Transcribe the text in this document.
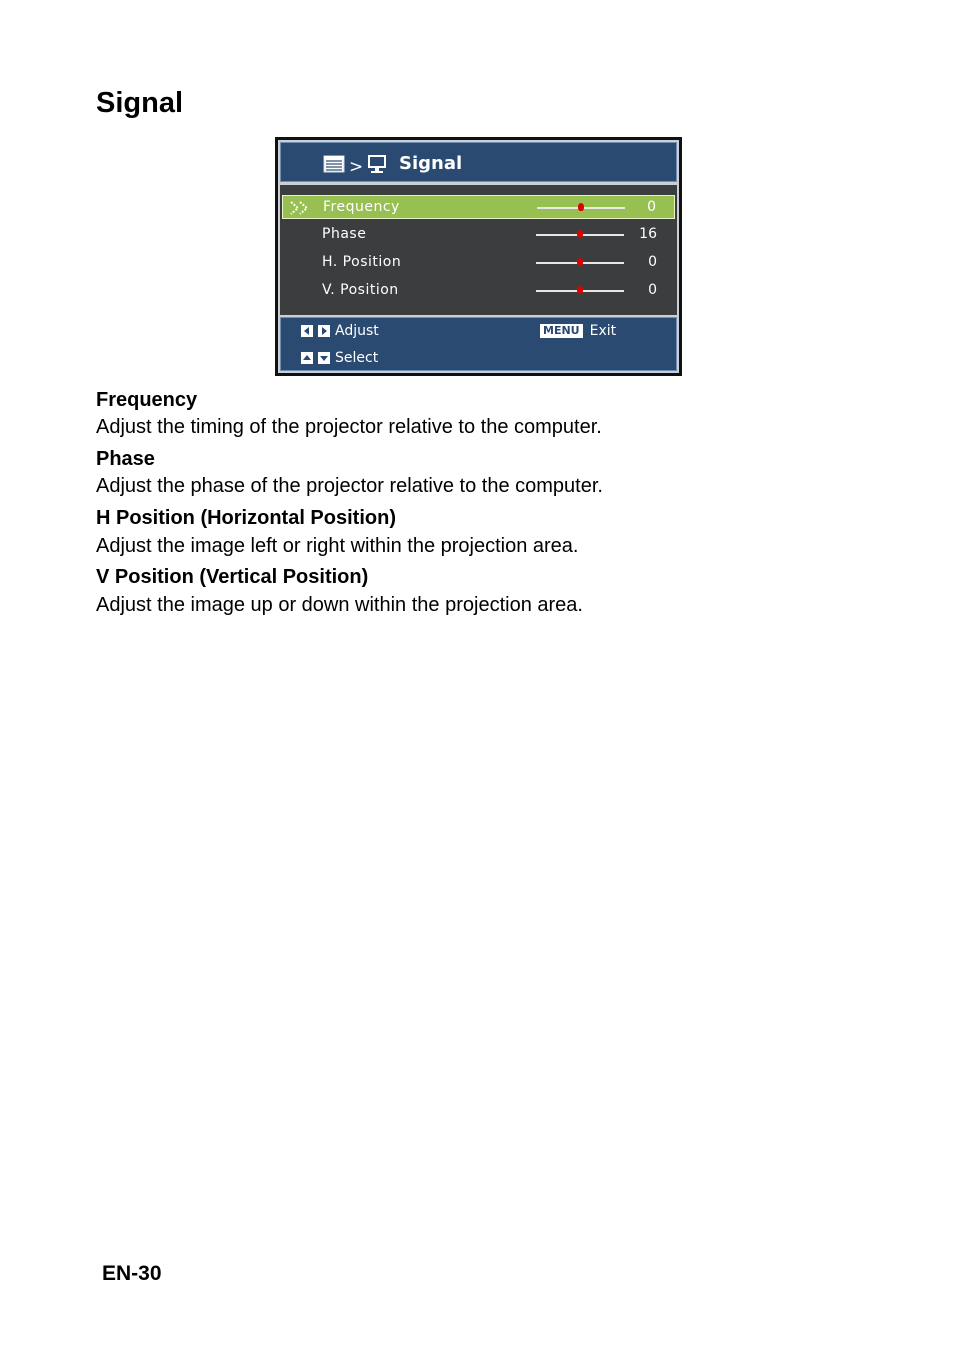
Signal
> Signal
Frequency	0
Phase	16
H. Position	0
V. Position	0
Adjust
Select
MENU Exit

Frequency

Adjust the timing of the projector relative to the computer.

Phase

Adjust the phase of the projector relative to the computer.

H Position (Horizontal Position)

Adjust the image left or right within the projection area.

V Position (Vertical Position)

Adjust the image up or down within the projection area.

EN-30
